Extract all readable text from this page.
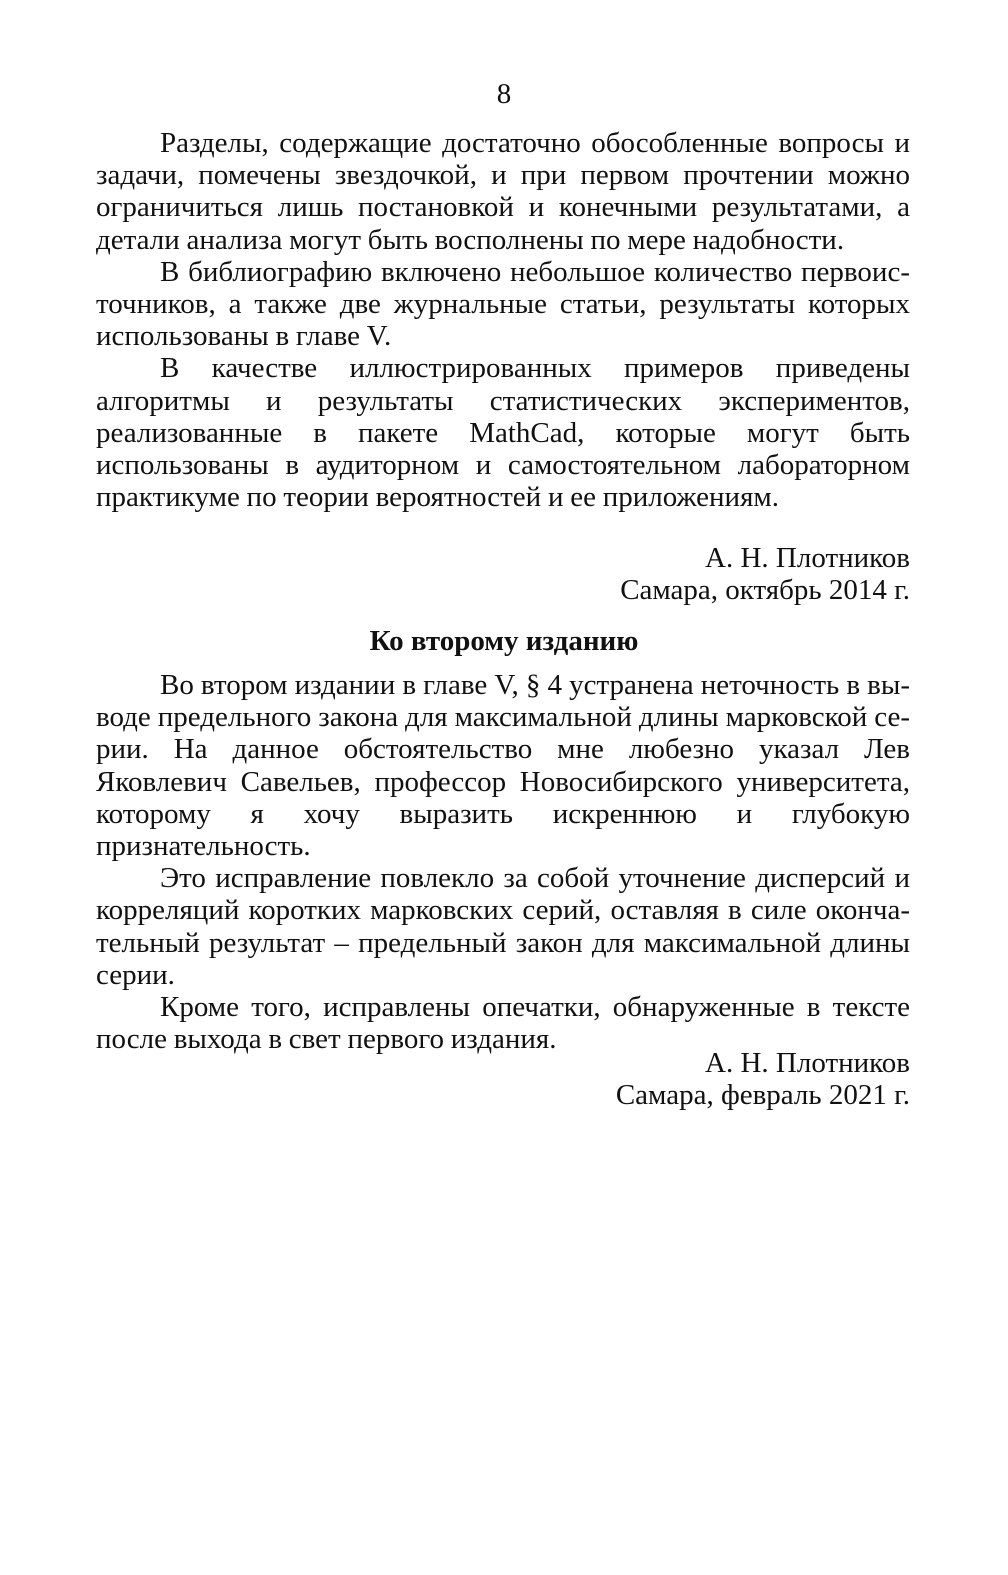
8

Разделы, содержащие достаточно обособленные вопросы и задачи, помечены звездочкой, и при первом прочтении можно ограничиться лишь постановкой и конечными результатами, а детали анализа могут быть восполнены по мере надобности.

В библиографию включено небольшое количество первоисточников, а также две журнальные статьи, результаты которых использованы в главе V.

В качестве иллюстрированных примеров приведены алгоритмы и результаты статистических экспериментов, реализованные в пакете MathCad, которые могут быть использованы в аудиторном и самостоятельном лабораторном практикуме по теории вероятностей и ее приложениям.

А. Н. Плотников
Самара, октябрь 2014 г.
Ко второму изданию

Во втором издании в главе V, § 4 устранена неточность в выводе предельного закона для максимальной длины марковской серии. На данное обстоятельство мне любезно указал Лев Яковлевич Савельев, профессор Новосибирского университета, которому я хочу выразить искреннюю и глубокую признательность.

Это исправление повлекло за собой уточнение дисперсий и корреляций коротких марковских серий, оставляя в силе окончательный результат – предельный закон для максимальной длины серии.

Кроме того, исправлены опечатки, обнаруженные в тексте после выхода в свет первого издания.

А. Н. Плотников
Самара, февраль 2021 г.
